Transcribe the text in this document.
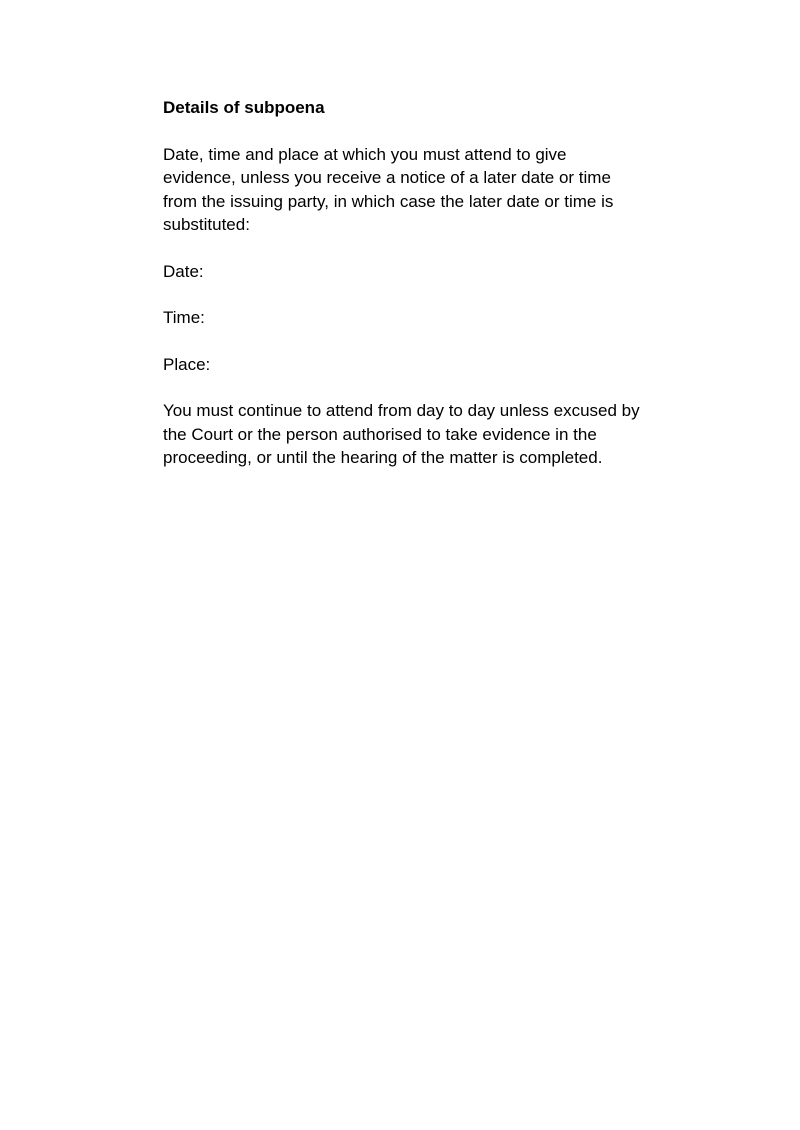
Details of subpoena

Date, time and place at which you must attend to give evidence, unless you receive a notice of a later date or time from the issuing party, in which case the later date or time is substituted:

Date:

Time:

Place:

You must continue to attend from day to day unless excused by the Court or the person authorised to take evidence in the proceeding, or until the hearing of the matter is completed.
